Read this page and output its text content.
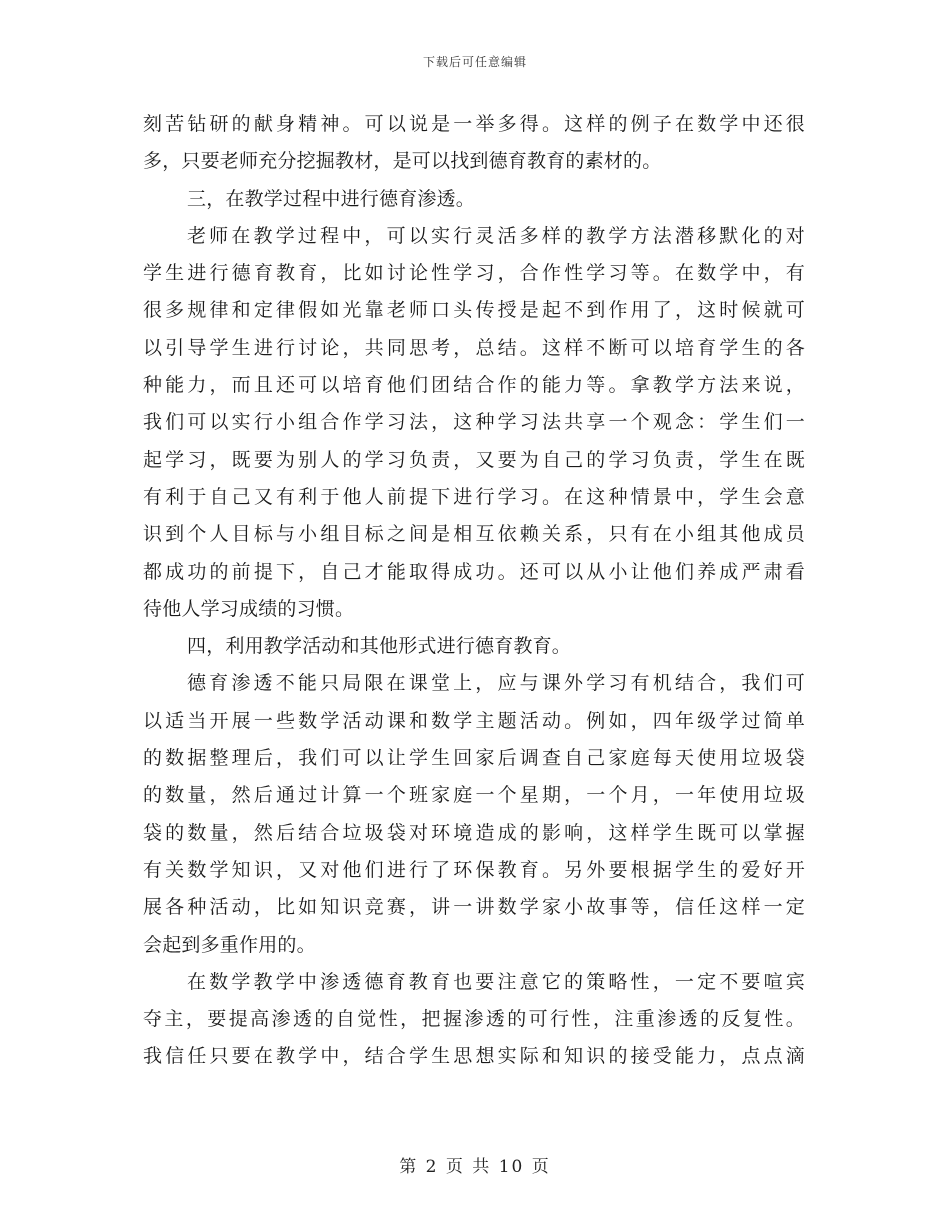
下载后可任意编辑
刻苦钻研的献身精神。可以说是一举多得。这样的例子在数学中还很
多，只要老师充分挖掘教材，是可以找到德育教育的素材的。
三，在教学过程中进行德育渗透。
老师在教学过程中，可以实行灵活多样的教学方法潜移默化的对
学生进行德育教育，比如讨论性学习，合作性学习等。在数学中，有
很多规律和定律假如光靠老师口头传授是起不到作用了，这时候就可
以引导学生进行讨论，共同思考，总结。这样不断可以培育学生的各
种能力，而且还可以培育他们团结合作的能力等。拿教学方法来说，
我们可以实行小组合作学习法，这种学习法共享一个观念：学生们一
起学习，既要为别人的学习负责，又要为自己的学习负责，学生在既
有利于自己又有利于他人前提下进行学习。在这种情景中，学生会意
识到个人目标与小组目标之间是相互依赖关系，只有在小组其他成员
都成功的前提下，自己才能取得成功。还可以从小让他们养成严肃看
待他人学习成绩的习惯。
四，利用教学活动和其他形式进行德育教育。
德育渗透不能只局限在课堂上，应与课外学习有机结合，我们可
以适当开展一些数学活动课和数学主题活动。例如，四年级学过简单
的数据整理后，我们可以让学生回家后调查自己家庭每天使用垃圾袋
的数量，然后通过计算一个班家庭一个星期，一个月，一年使用垃圾
袋的数量，然后结合垃圾袋对环境造成的影响，这样学生既可以掌握
有关数学知识，又对他们进行了环保教育。另外要根据学生的爱好开
展各种活动，比如知识竞赛，讲一讲数学家小故事等，信任这样一定
会起到多重作用的。
在数学教学中渗透德育教育也要注意它的策略性，一定不要喧宾
夺主，要提高渗透的自觉性，把握渗透的可行性，注重渗透的反复性。
我信任只要在教学中，结合学生思想实际和知识的接受能力，点点滴
第 2 页 共 10 页
